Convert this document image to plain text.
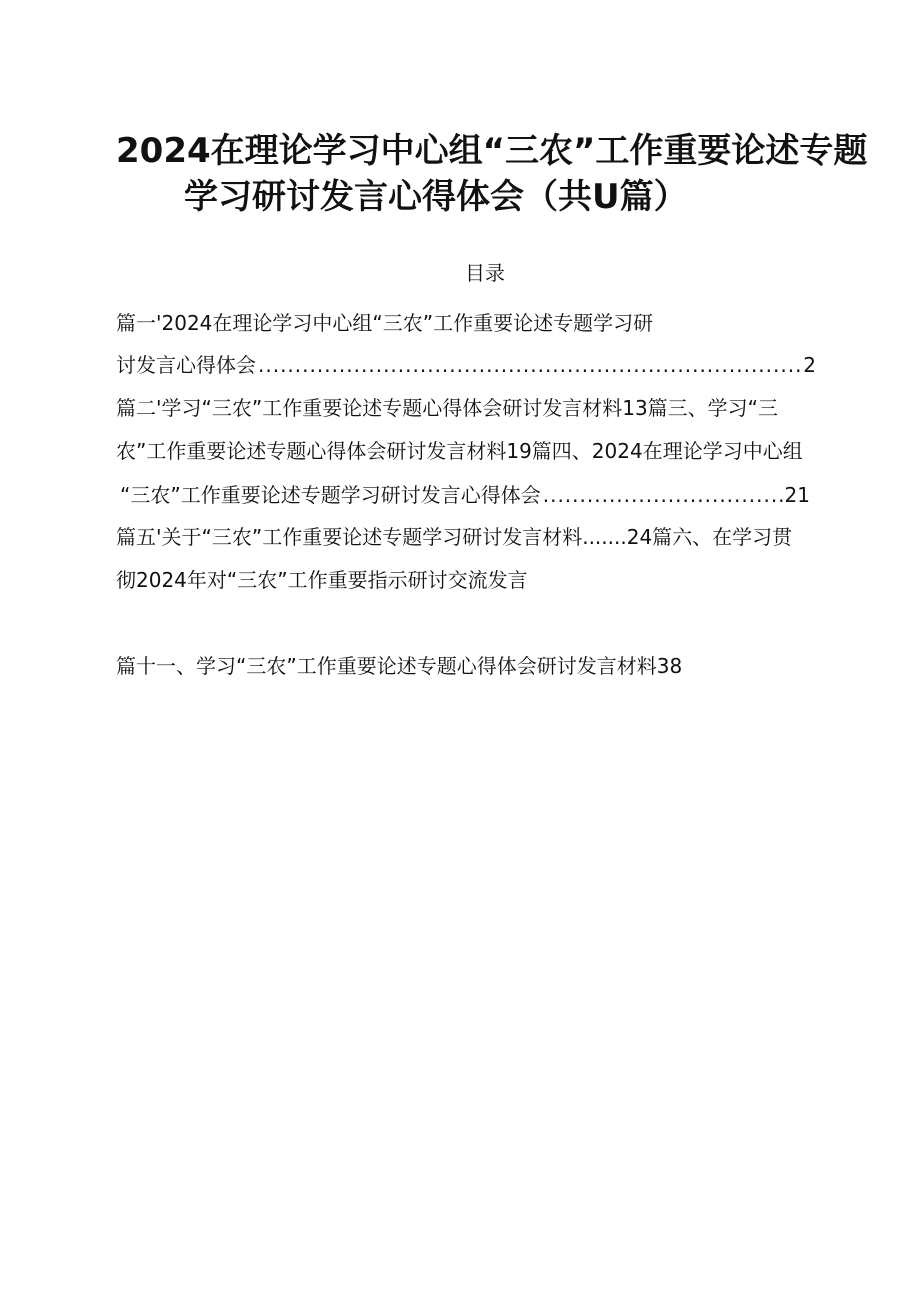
2024在理论学习中心组“三农”工作重要论述专题
学习研讨发言心得体会（共U篇）
目录
篇一'2024在理论学习中心组“三农”工作重要论述专题学习研
讨发言心得体会 .....	2
篇二'学习“三农”工作重要论述专题心得体会研讨发言材料13篇三、学习“三
农”工作重要论述专题心得体会研讨发言材料19篇四、2024在理论学习中心组
“三农”工作重要论述专题学习研讨发言心得体会 .....	21
篇五'关于“三农”工作重要论述专题学习研讨发言材料.......24篇六、在学习贯
彻2024年对“三农”工作重要指示研讨交流发言
篇十一、学习“三农”工作重要论述专题心得体会研讨发言材料38
